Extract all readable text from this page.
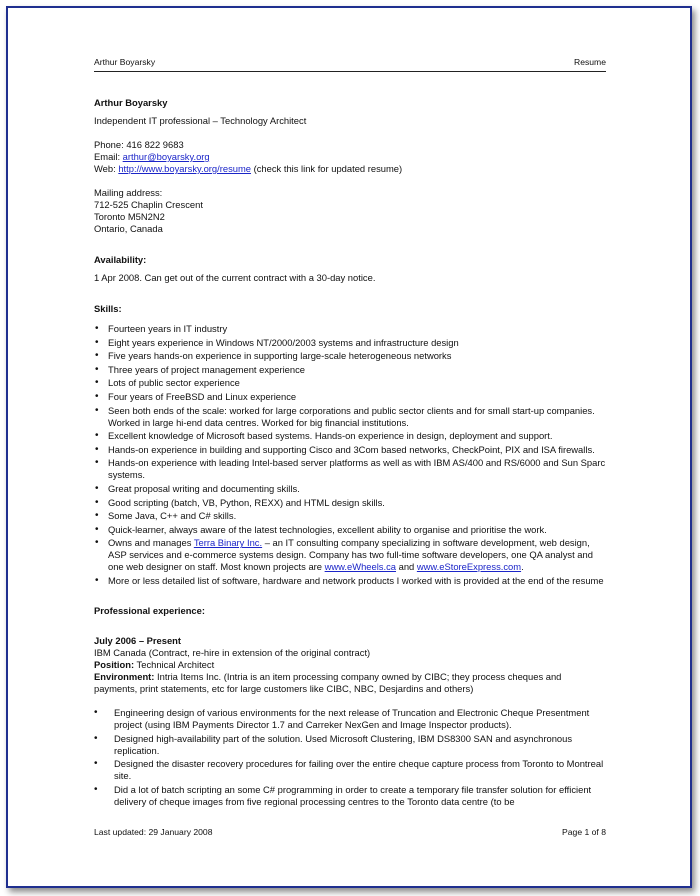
Arthur Boyarsky	Resume

Arthur Boyarsky

Independent IT professional – Technology Architect

Phone: 416 822 9683

Email: arthur@boyarsky.org

Web: http://www.boyarsky.org/resume (check this link for updated resume)

Mailing address:

712-525 Chaplin Crescent

Toronto M5N2N2

Ontario, Canada

Availability:

1 Apr 2008. Can get out of the current contract with a 30-day notice.

Skills:

• Fourteen years in IT industry
• Eight years experience in Windows NT/2000/2003 systems and infrastructure design
• Five years hands-on experience in supporting large-scale heterogeneous networks
• Three years of project management experience
• Lots of public sector experience
• Four years of FreeBSD and Linux experience
• Seen both ends of the scale: worked for large corporations and public sector clients and for small start-up companies. Worked in large hi-end data centres. Worked for big financial institutions.
• Excellent knowledge of Microsoft based systems. Hands-on experience in design, deployment and support.
• Hands-on experience in building and supporting Cisco and 3Com based networks, CheckPoint, PIX and ISA firewalls.
• Hands-on experience with leading Intel-based server platforms as well as with IBM AS/400 and RS/6000 and Sun Sparc systems.
• Great proposal writing and documenting skills.
• Good scripting (batch, VB, Python, REXX) and HTML design skills.
• Some Java, C++ and C# skills.
• Quick-learner, always aware of the latest technologies, excellent ability to organise and prioritise the work.
• Owns and manages Terra Binary Inc. – an IT consulting company specializing in software development, web design, ASP services and e-commerce systems design. Company has two full-time software developers, one QA analyst and one web designer on staff. Most known projects are www.eWheels.ca and www.eStoreExpress.com.
• More or less detailed list of software, hardware and network products I worked with is provided at the end of the resume

Professional experience:

July 2006 – Present

IBM Canada (Contract, re-hire in extension of the original contract)

Position: Technical Architect

Environment: Intria Items Inc. (Intria is an item processing company owned by CIBC; they process cheques and payments, print statements, etc for large customers like CIBC, NBC, Desjardins and others)

• Engineering design of various environments for the next release of Truncation and Electronic Cheque Presentment project (using IBM Payments Director 1.7 and Carreker NexGen and Image Inspector products).
• Designed high-availability part of the solution. Used Microsoft Clustering, IBM DS8300 SAN and asynchronous replication.
• Designed the disaster recovery procedures for failing over the entire cheque capture process from Toronto to Montreal site.
• Did a lot of batch scripting an some C# programming in order to create a temporary file transfer solution for efficient delivery of cheque images from five regional processing centres to the Toronto data centre (to be
Last updated: 29 January 2008	Page 1 of 8
